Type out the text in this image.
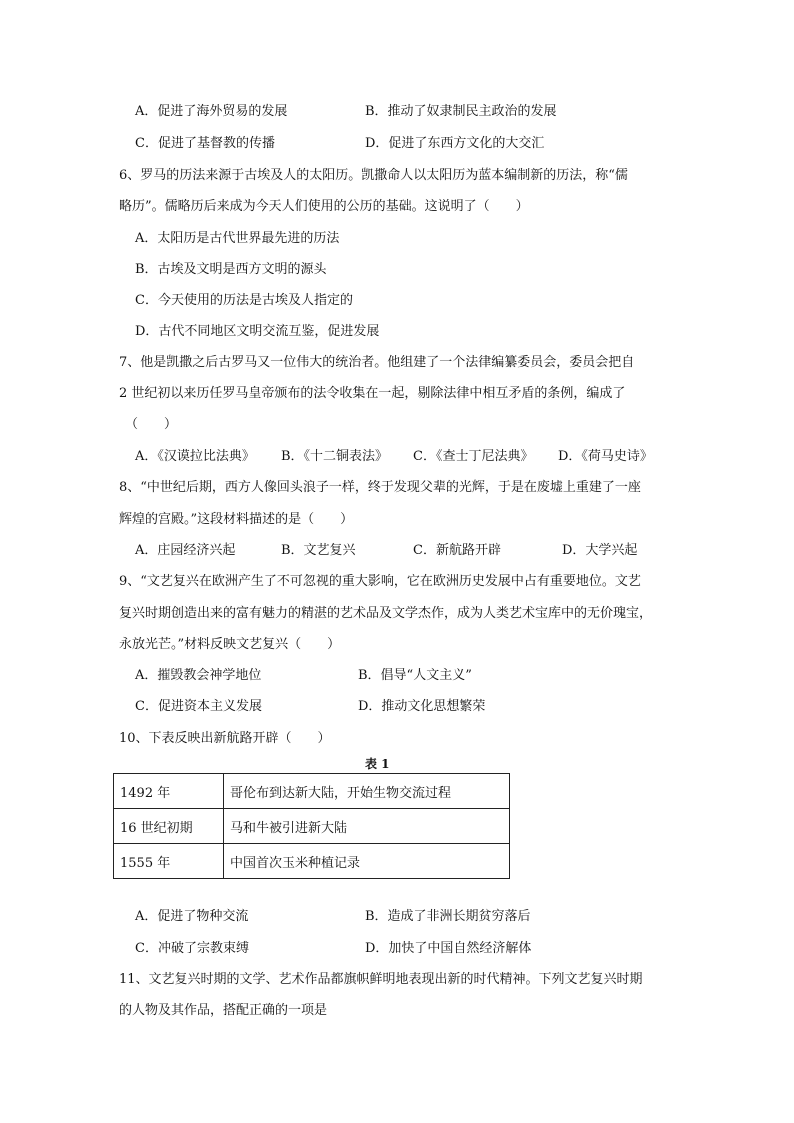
A．促进了海外贸易的发展	B．推动了奴隶制民主政治的发展
C．促进了基督教的传播	D．促进了东西方文化的大交汇
6、罗马的历法来源于古埃及人的太阳历。凯撒命人以太阳历为蓝本编制新的历法，称“儒
略历”。儒略历后来成为今天人们使用的公历的基础。这说明了（　　）
A．太阳历是古代世界最先进的历法
B．古埃及文明是西方文明的源头
C．今天使用的历法是古埃及人指定的
D．古代不同地区文明交流互鉴，促进发展
7、他是凯撒之后古罗马又一位伟大的统治者。他组建了一个法律编纂委员会，委员会把自
2 世纪初以来历任罗马皇帝颁布的法令收集在一起，剔除法律中相互矛盾的条例，编成了
（　　）
A．《汉谟拉比法典》 B．《十二铜表法》 C．《查士丁尼法典》 D．《荷马史诗》
8、“中世纪后期，西方人像回头浪子一样，终于发现父辈的光辉，于是在废墟上重建了一座
辉煌的宫殿。”这段材料描述的是（　　）
A．庄园经济兴起	B．文艺复兴	C．新航路开辟	D．大学兴起
9、“文艺复兴在欧洲产生了不可忽视的重大影响，它在欧洲历史发展中占有重要地位。文艺
复兴时期创造出来的富有魅力的精湛的艺术品及文学杰作，成为人类艺术宝库中的无价瑰宝，
永放光芒。”材料反映文艺复兴（　　）
A．摧毁教会神学地位	B．倡导“人文主义”
C．促进资本主义发展	D．推动文化思想繁荣
10、下表反映出新航路开辟（　　）
表 1
1492 年	哥伦布到达新大陆，开始生物交流过程
16 世纪初期	马和牛被引进新大陆
1555 年	中国首次玉米种植记录
A．促进了物种交流	B．造成了非洲长期贫穷落后
C．冲破了宗教束缚	D．加快了中国自然经济解体
11、文艺复兴时期的文学、艺术作品都旗帜鲜明地表现出新的时代精神。下列文艺复兴时期
的人物及其作品，搭配正确的一项是
